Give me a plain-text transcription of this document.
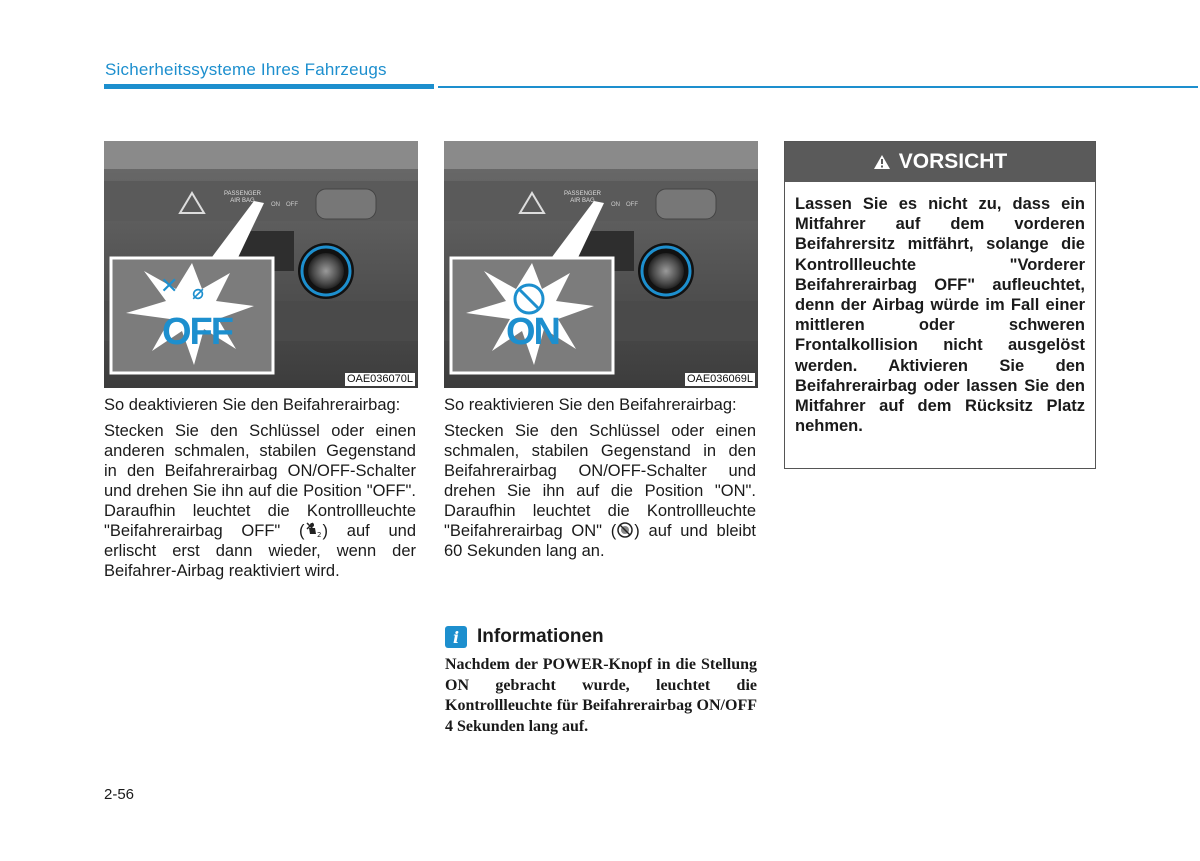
Sicherheitssysteme Ihres Fahrzeugs
✕ ⌀
PASSENGER
AIR BAG
ON OFF
OFF
OAE036070L
PASSENGER
AIR BAG
ON OFF
ON
OAE036069L

So deaktivieren Sie den Beifahrerairbag:

Stecken Sie den Schlüssel oder einen anderen schmalen, stabilen Gegenstand in den Beifahrerairbag ON/OFF-Schalter und drehen Sie ihn auf die Position "OFF". Daraufhin leuchtet die Kontrollleuchte "Beifahrerairbag OFF" ( 2 ) auf und erlischt erst dann wieder, wenn der Beifahrer-Airbag reaktiviert wird.

So reaktivieren Sie den Beifahrerairbag:

Stecken Sie den Schlüssel oder einen schmalen, stabilen Gegenstand in den Beifahrerairbag ON/OFF-Schalter und drehen Sie ihn auf die Position "ON". Daraufhin leuchtet die Kontrollleuchte "Beifahrerairbag ON" ( ) auf und bleibt 60 Sekunden lang an.

i Informationen
Nachdem der POWER-Knopf in die Stellung ON gebracht wurde, leuchtet die Kontrollleuchte für Beifahrerairbag ON/OFF 4 Sekunden lang auf.
VORSICHT
Lassen Sie es nicht zu, dass ein Mitfahrer auf dem vorderen Beifahrersitz mitfährt, solange die Kontrollleuchte "Vorderer Beifahrerairbag OFF" aufleuchtet, denn der Airbag würde im Fall einer mittleren oder schweren Frontalkollision nicht ausgelöst werden. Aktivieren Sie den Beifahrerairbag oder lassen Sie den Mitfahrer auf dem Rücksitz Platz nehmen.
2-56
